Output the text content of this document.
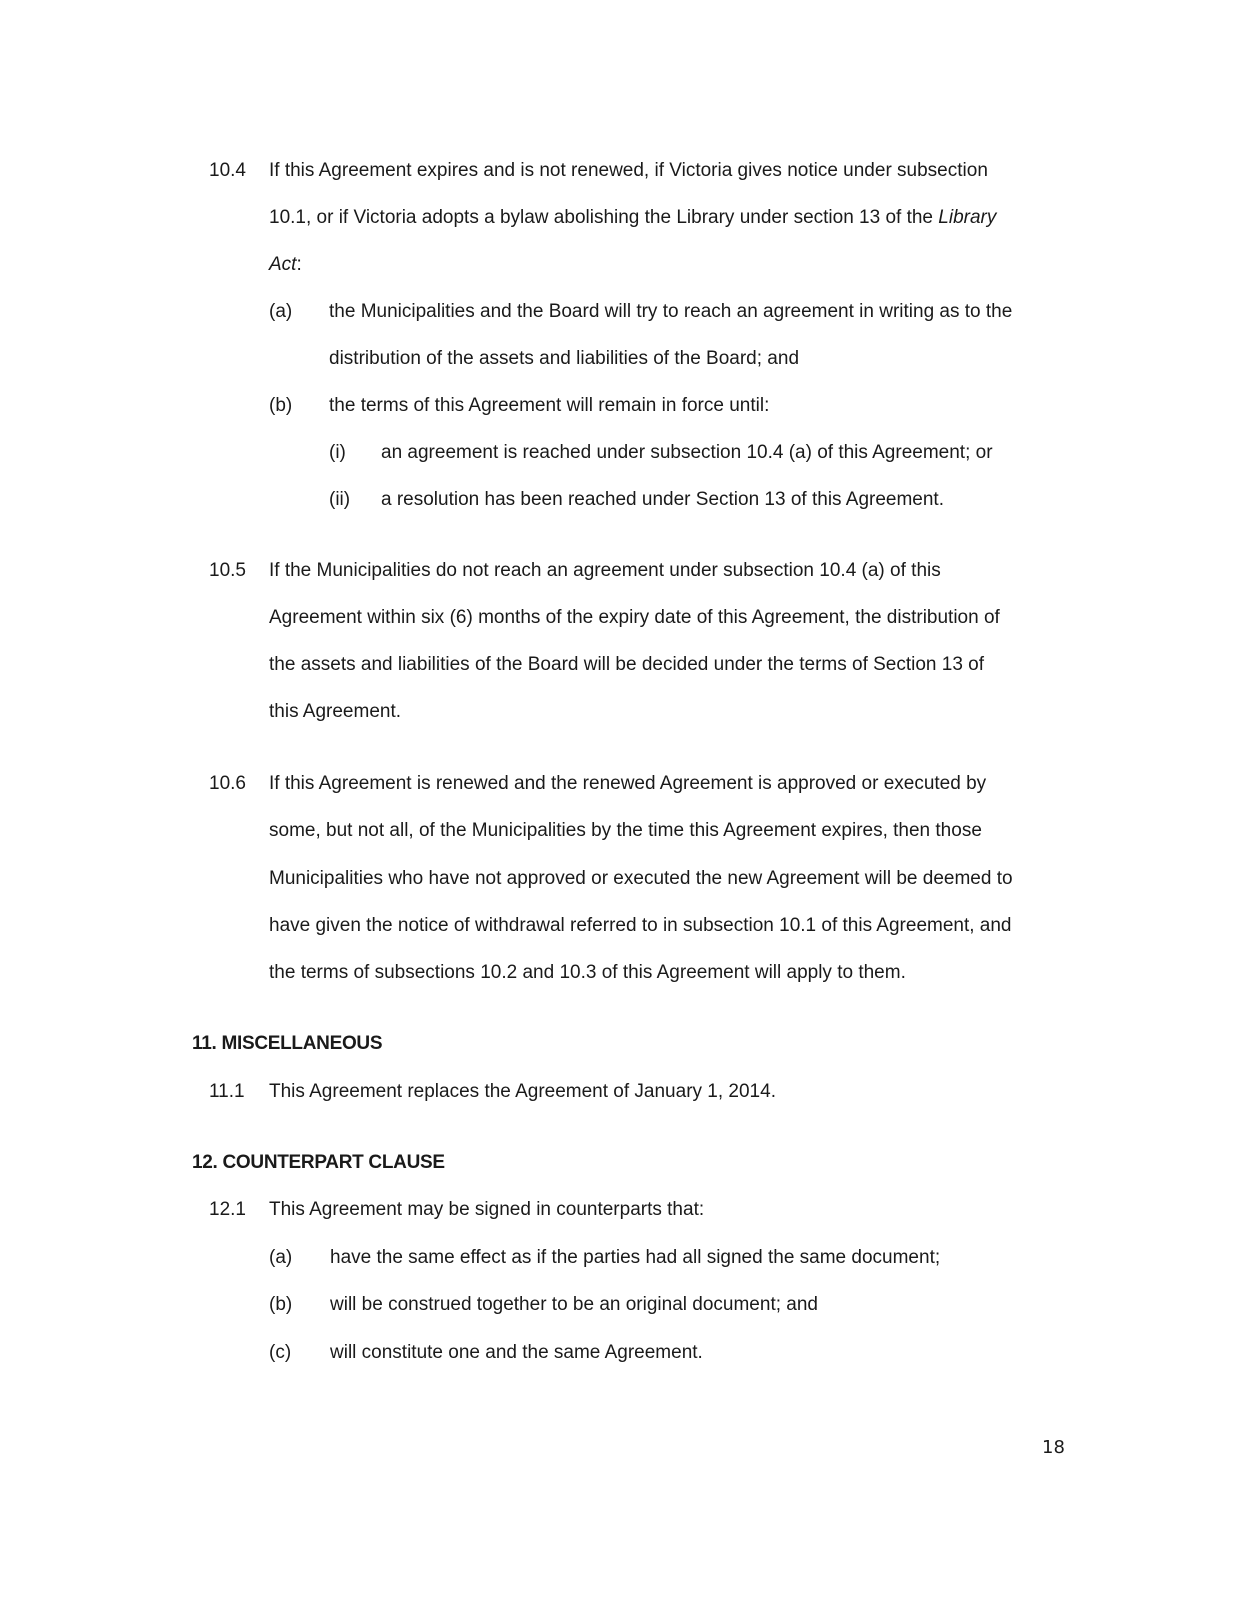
10.4 If this Agreement expires and is not renewed, if Victoria gives notice under subsection
10.1, or if Victoria adopts a bylaw abolishing the Library under section 13 of the Library
Act:
(a) the Municipalities and the Board will try to reach an agreement in writing as to the
distribution of the assets and liabilities of the Board; and
(b) the terms of this Agreement will remain in force until:
(i) an agreement is reached under subsection 10.4 (a) of this Agreement; or
(ii) a resolution has been reached under Section 13 of this Agreement.
10.5 If the Municipalities do not reach an agreement under subsection 10.4 (a) of this
Agreement within six (6) months of the expiry date of this Agreement, the distribution of
the assets and liabilities of the Board will be decided under the terms of Section 13 of
this Agreement.
10.6 If this Agreement is renewed and the renewed Agreement is approved or executed by
some, but not all, of the Municipalities by the time this Agreement expires, then those
Municipalities who have not approved or executed the new Agreement will be deemed to
have given the notice of withdrawal referred to in subsection 10.1 of this Agreement, and
the terms of subsections 10.2 and 10.3 of this Agreement will apply to them.
11. MISCELLANEOUS
11.1 This Agreement replaces the Agreement of January 1, 2014.
12. COUNTERPART CLAUSE
12.1 This Agreement may be signed in counterparts that:
(a) have the same effect as if the parties had all signed the same document;
(b) will be construed together to be an original document; and
(c) will constitute one and the same Agreement.
18
